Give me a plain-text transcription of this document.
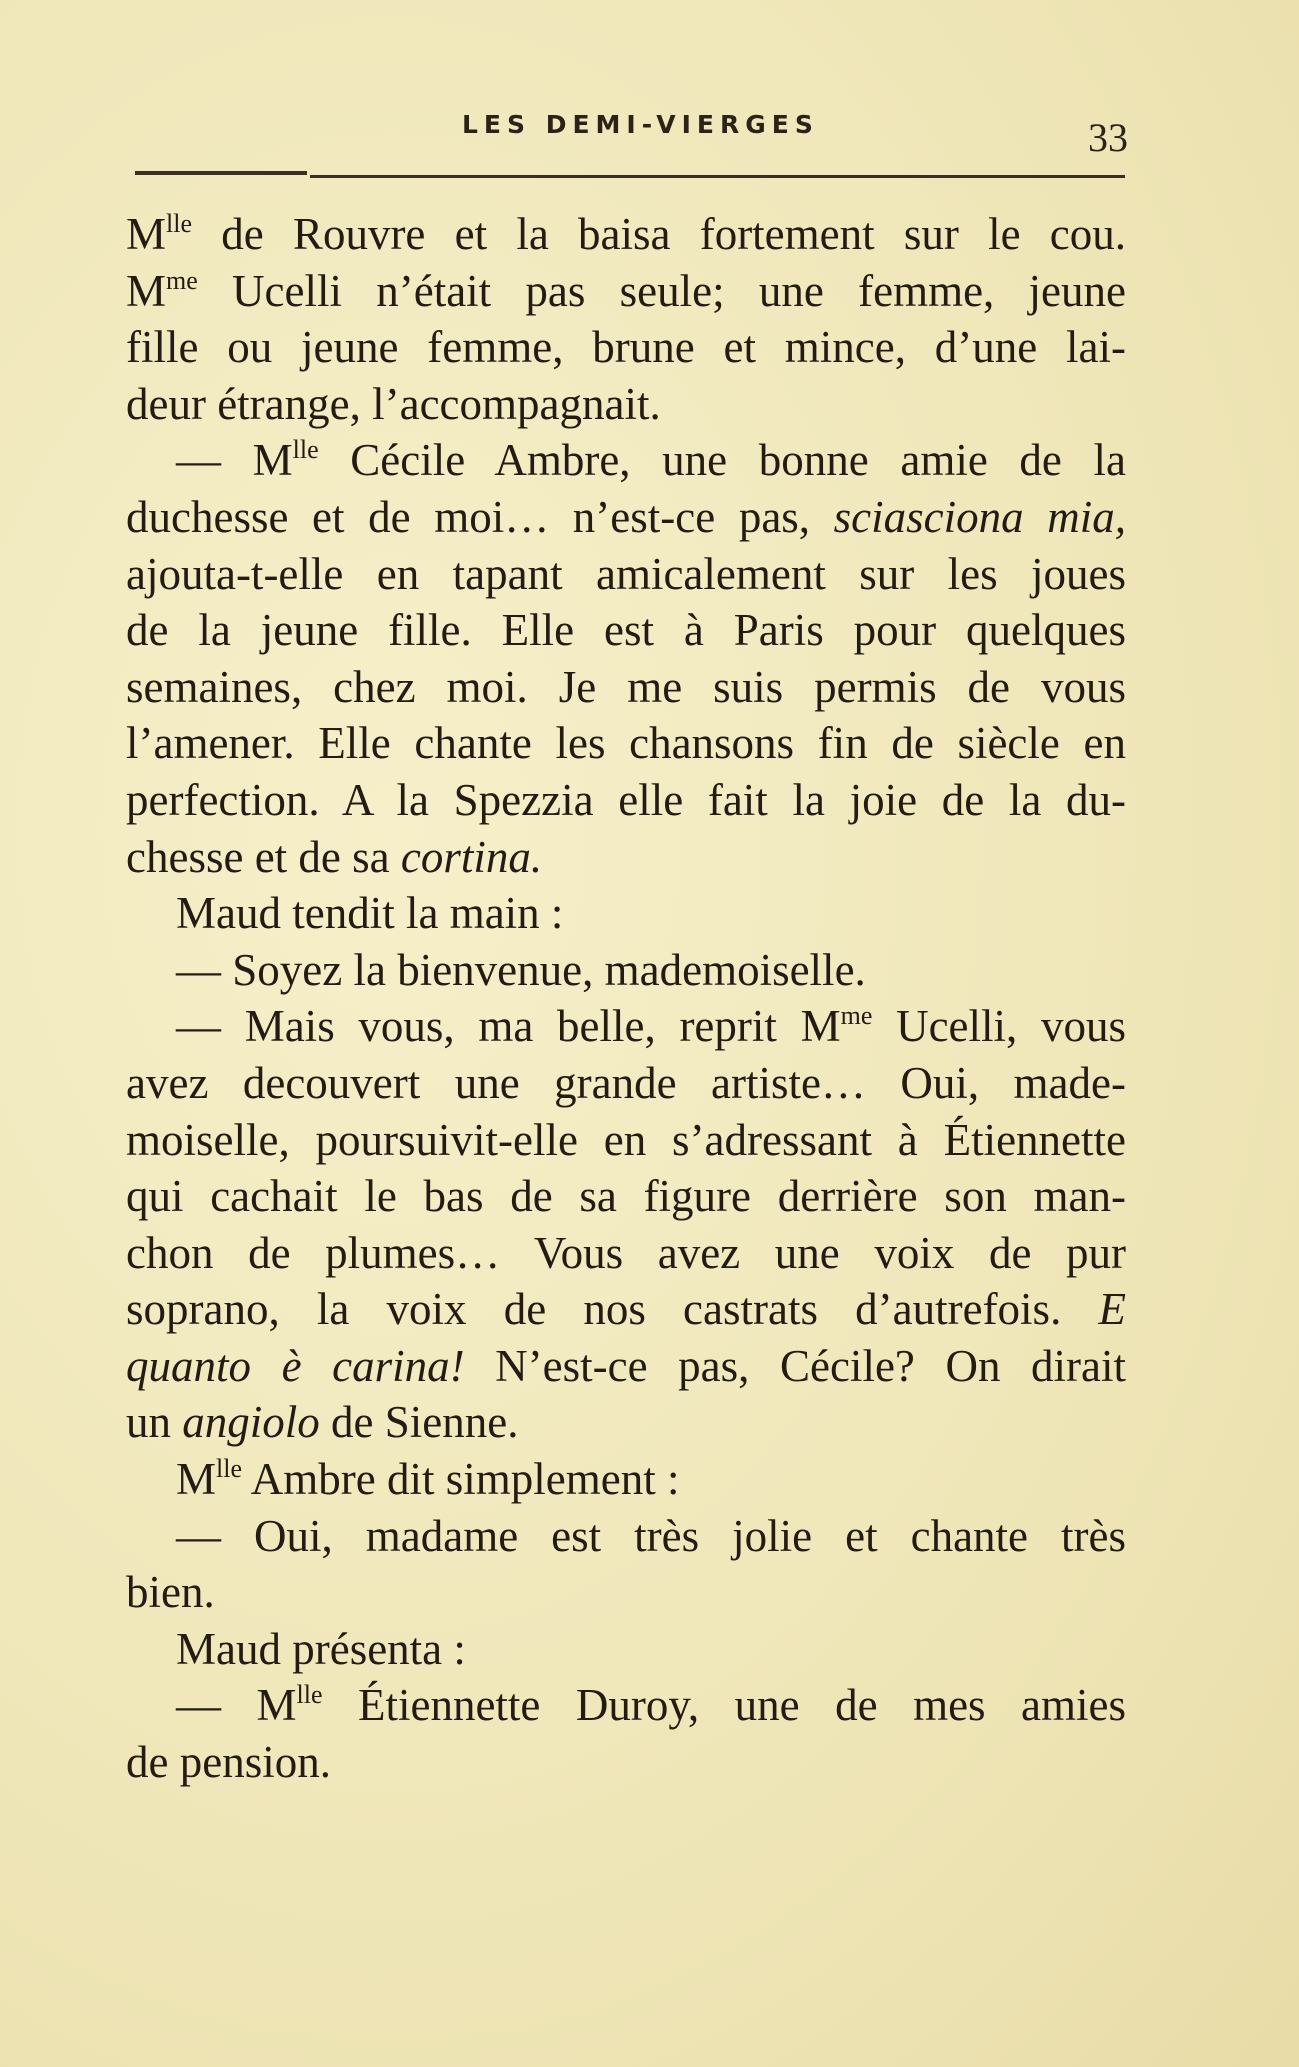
LES DEMI-VIERGES	33
$M^{lle}$ de Rouvre et la baisa fortement sur le cou.
$M^{me}$ Ucelli n’était pas seule; une femme, jeune
fille ou jeune femme, brune et mince, d’une lai-
deur étrange, l’accompagnait.
— $M^{lle}$ Cécile Ambre, une bonne amie de la
duchesse et de moi… n’est-ce pas, sciasciona mia,
ajouta-t-elle en tapant amicalement sur les joues
de la jeune fille. Elle est à Paris pour quelques
semaines, chez moi. Je me suis permis de vous
l’amener. Elle chante les chansons fin de siècle en
perfection. A la Spezzia elle fait la joie de la du-
chesse et de sa cortina.
Maud tendit la main :
— Soyez la bienvenue, mademoiselle.
— Mais vous, ma belle, reprit $M^{me}$ Ucelli, vous
avez decouvert une grande artiste… Oui, made-
moiselle, poursuivit-elle en s’adressant à Étiennette
qui cachait le bas de sa figure derrière son man-
chon de plumes… Vous avez une voix de pur
soprano, la voix de nos castrats d’autrefois. E
quanto è carina! N’est-ce pas, Cécile? On dirait
un angiolo de Sienne.
$M^{lle}$ Ambre dit simplement :
— Oui, madame est très jolie et chante très
bien.
Maud présenta :
— $M^{lle}$ Étiennette Duroy, une de mes amies
de pension.
